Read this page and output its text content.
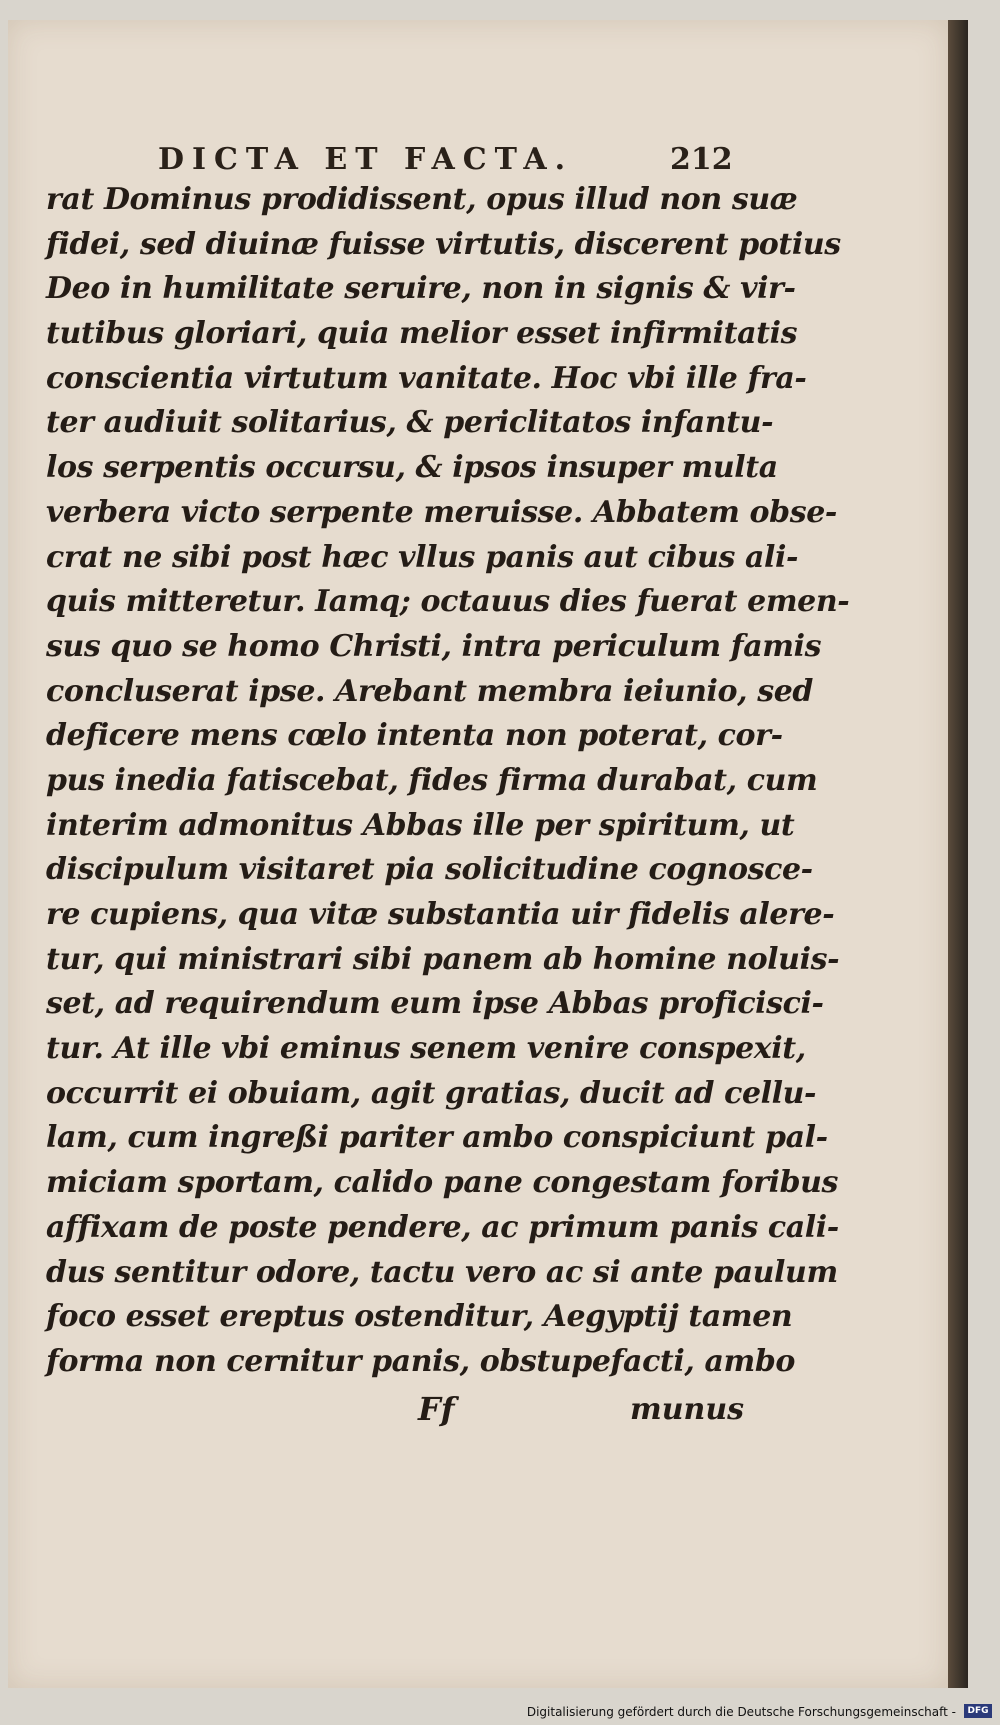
DICTA ET FACTA.	212
rat Dominus prodidissent, opus illud non suæ
fidei, sed diuinæ fuisse virtutis, discerent potius
Deo in humilitate seruire, non in signis & vir-
tutibus gloriari, quia melior esset infirmitatis
conscientia virtutum vanitate. Hoc vbi ille fra-
ter audiuit solitarius, & periclitatos infantu-
los serpentis occursu, & ipsos insuper multa
verbera victo serpente meruisse. Abbatem obse-
crat ne sibi post hæc vllus panis aut cibus ali-
quis mitteretur. Iamq; octauus dies fuerat emen-
sus quo se homo Christi, intra periculum famis
concluserat ipse. Arebant membra ieiunio, sed
deficere mens cœlo intenta non poterat, cor-
pus inedia fatiscebat, fides firma durabat, cum
interim admonitus Abbas ille per spiritum, ut
discipulum visitaret pia solicitudine cognosce-
re cupiens, qua vitæ substantia uir fidelis alere-
tur, qui ministrari sibi panem ab homine noluis-
set, ad requirendum eum ipse Abbas proficisci-
tur. At ille vbi eminus senem venire conspexit,
occurrit ei obuiam, agit gratias, ducit ad cellu-
lam, cum ingreßi pariter ambo conspiciunt pal-
miciam sportam, calido pane congestam foribus
affixam de poste pendere, ac primum panis cali-
dus sentitur odore, tactu vero ac si ante paulum
foco esset ereptus ostenditur, Aegyptij tamen
forma non cernitur panis, obstupefacti, ambo
Ff	munus
Digitalisierung gefördert durch die Deutsche Forschungsgemeinschaft -	DFG
